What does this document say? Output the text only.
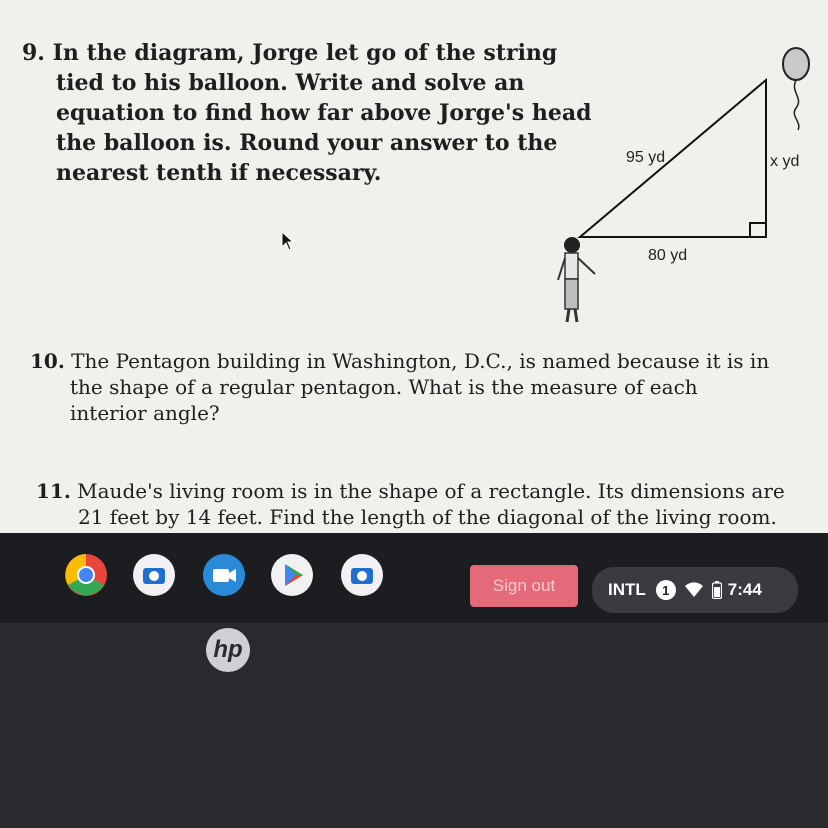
9. In the diagram, Jorge let go of the string
tied to his balloon. Write and solve an
equation to find how far above Jorge's head
the balloon is. Round your answer to the
nearest tenth if necessary.
95 yd
80 yd
x yd
10. The Pentagon building in Washington, D.C., is named because it is in
the shape of a regular pentagon. What is the measure of each
interior angle?
11. Maude's living room is in the shape of a rectangle. Its dimensions are
21 feet by 14 feet. Find the length of the diagonal of the living room.
Sign out	INTL	1	7:44
hp
